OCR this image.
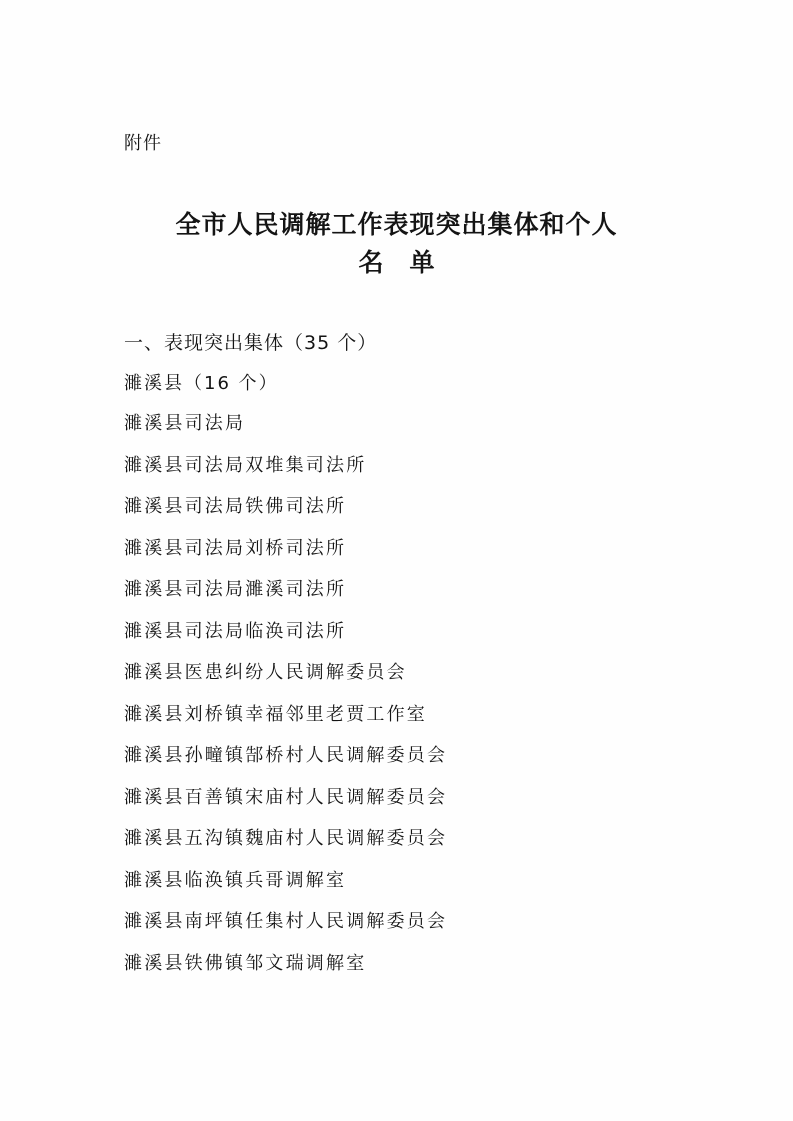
附件
全市人民调解工作表现突出集体和个人
名单
一、表现突出集体（35 个）
濉溪县（16 个）
濉溪县司法局
濉溪县司法局双堆集司法所
濉溪县司法局铁佛司法所
濉溪县司法局刘桥司法所
濉溪县司法局濉溪司法所
濉溪县司法局临涣司法所
濉溪县医患纠纷人民调解委员会
濉溪县刘桥镇幸福邻里老贾工作室
濉溪县孙疃镇郜桥村人民调解委员会
濉溪县百善镇宋庙村人民调解委员会
濉溪县五沟镇魏庙村人民调解委员会
濉溪县临涣镇兵哥调解室
濉溪县南坪镇任集村人民调解委员会
濉溪县铁佛镇邹文瑞调解室
